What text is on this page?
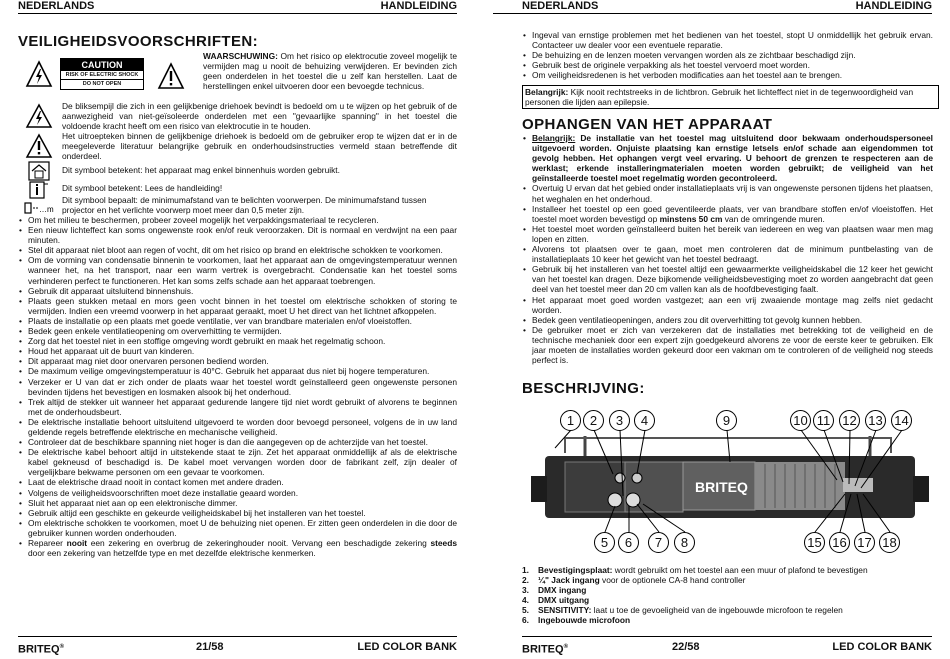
NEDERLANDS	HANDLEIDING
VEILIGHEIDSVOORSCHRIFTEN:
CAUTION
RISK OF ELECTRIC SHOCK
DO NOT OPEN
WAARSCHUWING: Om het risico op elektrocutie zoveel mogelijk te vermijden mag u nooit de behuizing verwijderen. Er bevinden zich geen onderdelen in het toestel die u zelf kan herstellen. Laat de herstellingen enkel uitvoeren door een bevoegde technicus.
De bliksempijl die zich in een gelijkbenige driehoek bevindt is bedoeld om u te wijzen op het gebruik of de aanwezigheid van niet-geïsoleerde onderdelen met een "gevaarlijke spanning" in het toestel die voldoende kracht heeft om een risico van elektrocutie in te houden.
Het uitroepteken binnen de gelijkbenige driehoek is bedoeld om de gebruiker erop te wijzen dat er in de meegeleverde literatuur belangrijke gebruik en onderhoudsinstructies vermeld staan betreffende dit onderdeel.
Dit symbool betekent: het apparaat mag enkel binnenhuis worden gebruikt.
Dit symbool betekent: Lees de handleiding!
…m
Dit symbool bepaalt: de minimumafstand van te belichten voorwerpen. De minimumafstand tussen projector en het verlichte voorwerp moet meer dan 0,5 meter zijn.
• Om het milieu te beschermen, probeer zoveel mogelijk het verpakkingsmateriaal te recycleren.
• Een nieuw lichteffect kan soms ongewenste rook en/of reuk veroorzaken. Dit is normaal en verdwijnt na een paar minuten.
• Stel dit apparaat niet bloot aan regen of vocht, dit om het risico op brand en elektrische schokken te voorkomen.
• Om de vorming van condensatie binnenin te voorkomen, laat het apparaat aan de omgevingstemperatuur wennen wanneer het, na het transport, naar een warm vertrek is overgebracht. Condensatie kan het toestel soms verhinderen perfect te functioneren. Het kan soms zelfs schade aan het apparaat toebrengen.
• Gebruik dit apparaat uitsluitend binnenshuis.
• Plaats geen stukken metaal en mors geen vocht binnen in het toestel om elektrische schokken of storing te vermijden. Indien een vreemd voorwerp in het apparaat geraakt, moet U het direct van het lichtnet afkoppelen.
• Plaats de installatie op een plaats met goede ventilatie, ver van brandbare materialen en/of vloeistoffen.
• Bedek geen enkele ventilatieopening om oververhitting te vermijden.
• Zorg dat het toestel niet in een stoffige omgeving wordt gebruikt en maak het regelmatig schoon.
• Houd het apparaat uit de buurt van kinderen.
• Dit apparaat mag niet door onervaren personen bediend worden.
• De maximum veilige omgevingstemperatuur is 40°C. Gebruik het apparaat dus niet bij hogere temperaturen.
• Verzeker er U van dat er zich onder de plaats waar het toestel wordt geïnstalleerd geen ongewenste personen bevinden tijdens het bevestigen en losmaken alsook bij het onderhoud.
• Trek altijd de stekker uit wanneer het apparaat gedurende langere tijd niet wordt gebruikt of alvorens te beginnen met de onderhoudsbeurt.
• De elektrische installatie behoort uitsluitend uitgevoerd te worden door bevoegd personeel, volgens de in uw land geldende regels betreffende elektrische en mechanische veiligheid.
• Controleer dat de beschikbare spanning niet hoger is dan die aangegeven op de achterzijde van het toestel.
• De elektrische kabel behoort altijd in uitstekende staat te zijn. Zet het apparaat onmiddellijk af als de elektrische kabel gekneusd of beschadigd is. De kabel moet vervangen worden door de fabrikant zelf, zijn dealer of vergelijkbare bekwame personen om een gevaar te voorkomen.
• Laat de elektrische draad nooit in contact komen met andere draden.
• Volgens de veiligheidsvoorschriften moet deze installatie geaard worden.
• Sluit het apparaat niet aan op een elektronische dimmer.
• Gebruik altijd een geschikte en gekeurde veiligheidskabel bij het installeren van het toestel.
• Om elektrische schokken te voorkomen, moet U de behuizing niet openen. Er zitten geen onderdelen in die door de gebruiker kunnen worden onderhouden.
• Repareer nooit een zekering en overbrug de zekeringhouder nooit. Vervang een beschadigde zekering steeds door een zekering van hetzelfde type en met dezelfde elektrische kenmerken.
BRITEQ®	21/58	LED COLOR BANK
NEDERLANDS	HANDLEIDING
• Ingeval van ernstige problemen met het bedienen van het toestel, stopt U onmiddellijk het gebruik ervan. Contacteer uw dealer voor een eventuele reparatie.
• De behuizing en de lenzen moeten vervangen worden als ze zichtbaar beschadigd zijn.
• Gebruik best de originele verpakking als het toestel vervoerd moet worden.
• Om veiligheidsredenen is het verboden modificaties aan het toestel aan te brengen.
BRITEQ®	22/58	LED COLOR BANK
Belangrijk: Kijk nooit rechtstreeks in de lichtbron. Gebruik het lichteffect niet in de tegenwoordigheid van personen die lijden aan epilepsie.
OPHANGEN VAN HET APPARAAT
• Belangrijk: De installatie van het toestel mag uitsluitend door bekwaam onderhoudspersoneel uitgevoerd worden. Onjuiste plaatsing kan ernstige letsels en/of schade aan eigendommen tot gevolg hebben. Het ophangen vergt veel ervaring. U behoort de grenzen te respecteren aan de werklast; erkende installeringmaterialen moeten worden gebruikt; de veiligheid van het geïnstalleerde toestel moet regelmatig worden gecontroleerd.
• Overtuig U ervan dat het gebied onder installatieplaats vrij is van ongewenste personen tijdens het plaatsen, het weghalen en het onderhoud.
• Installeer het toestel op een goed geventileerde plaats, ver van brandbare stoffen en/of vloeistoffen. Het toestel moet worden bevestigd op minstens 50 cm van de omringende muren.
• Het toestel moet worden geïnstalleerd buiten het bereik van iedereen en weg van plaatsen waar men mag lopen en zitten.
• Alvorens tot plaatsen over te gaan, moet men controleren dat de minimum puntbelasting van de installatieplaats 10 keer het gewicht van het toestel bedraagt.
• Gebruik bij het installeren van het toestel altijd een gewaarmerkte veiligheidskabel die 12 keer het gewicht van het toestel kan dragen. Deze bijkomende veiligheidsbevestiging moet zo worden aangebracht dat geen deel van het toestel meer dan 20 cm vallen kan als de hoofdbevestiging faalt.
• Het apparaat moet goed worden vastgezet; aan een vrij zwaaiende montage mag zelfs niet gedacht worden.
• Bedek geen ventilatieopeningen, anders zou dit oververhitting tot gevolg kunnen hebben.
• De gebruiker moet er zich van verzekeren dat de installaties met betrekking tot de veiligheid en de technische mechaniek door een expert zijn goedgekeurd alvorens ze voor de eerste keer te gebruiken. Elk jaar moeten de installaties worden gekeurd door een vakman om te controleren of de veiligheid nog steeds perfect is.
BESCHRIJVING:
BRITEQ
1	2	3	4	9	10 11 12 13 14
5	6	7	8	15 16 17 18
1.	Bevestigingsplaat: wordt gebruikt om het toestel aan een muur of plafond te bevestigen
2.	¼" Jack ingang voor de optionele CA-8 hand controller
3.	DMX ingang
4.	DMX uitgang
5.	SENSITIVITY: laat u toe de gevoeligheid van de ingebouwde microfoon te regelen
6.	Ingebouwde microfoon
